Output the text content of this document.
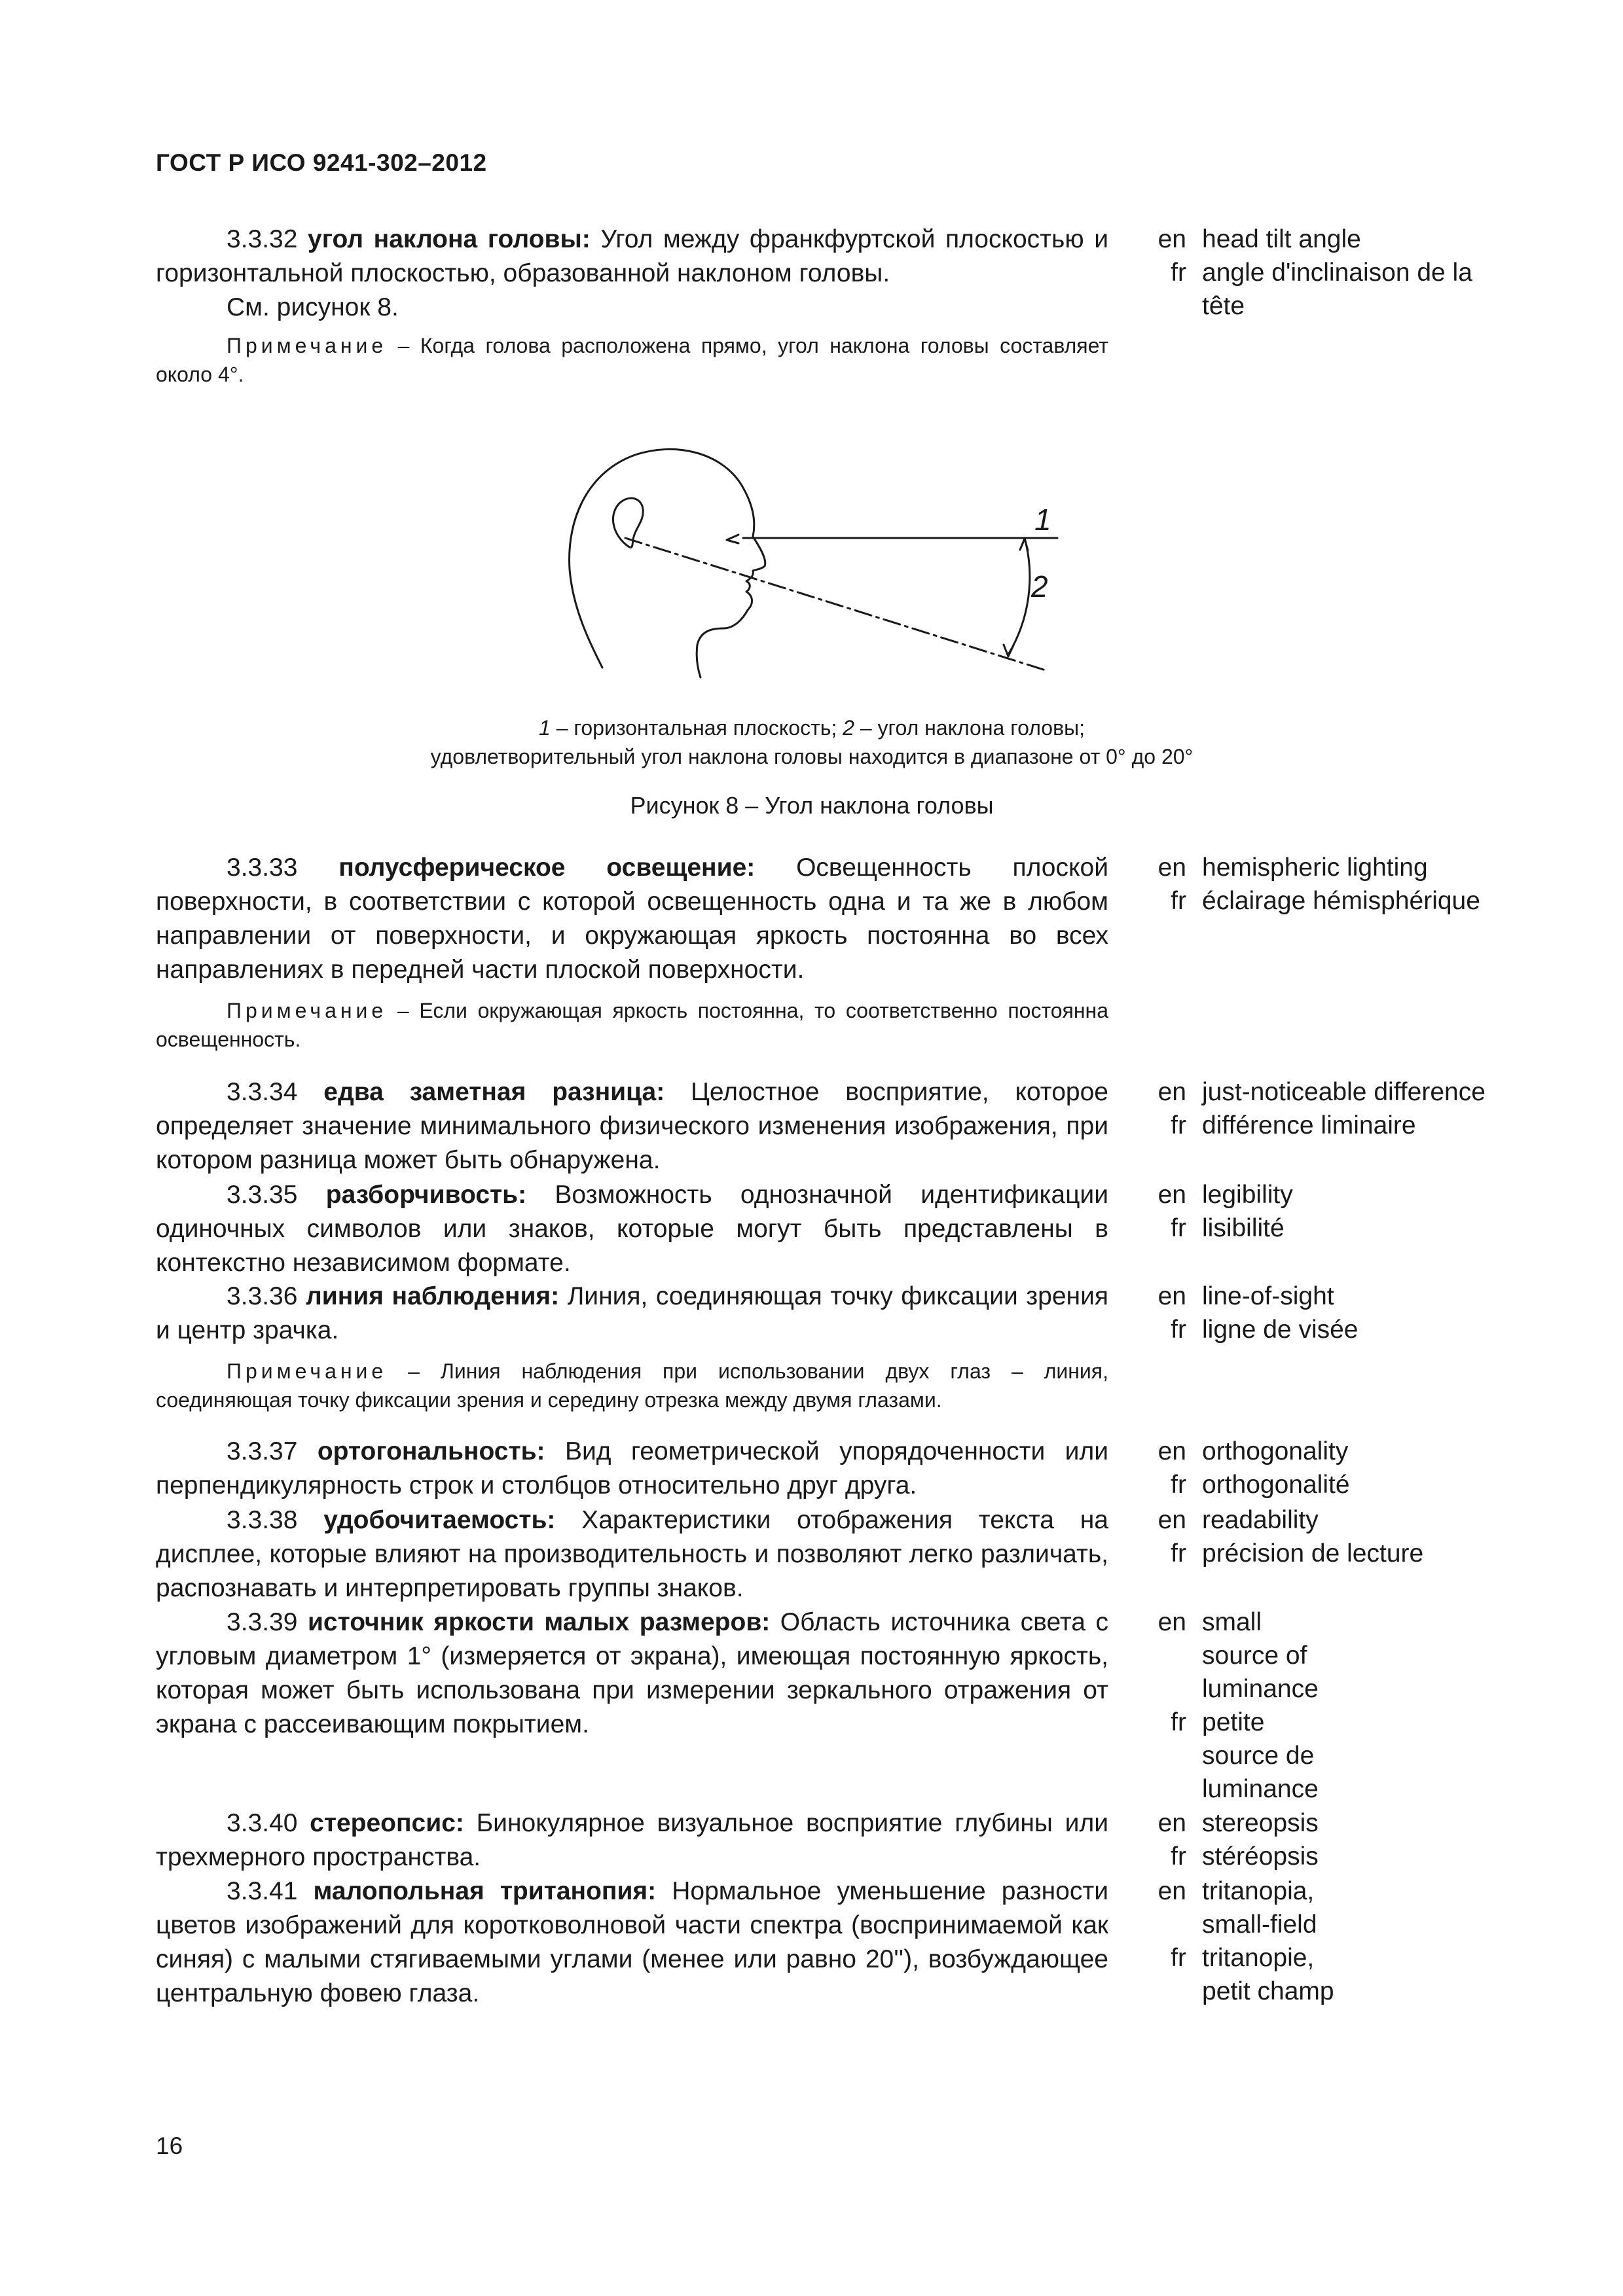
ГОСТ Р ИСО 9241-302–2012

3.3.32 угол наклона головы: Угол между франкфуртской плоскостью и горизонтальной плоскостью, образованной наклоном головы.

См. рисунок 8.

Примечание – Когда голова расположена прямо, угол наклона головы составляет около 4°.

en head tilt angle
fr angle d'inclinaison de la tête
1
2
1 – горизонтальная плоскость; 2 – угол наклона головы;
удовлетворительный угол наклона головы находится в диапазоне от 0° до 20°
Рисунок 8 – Угол наклона головы

3.3.33 полусферическое освещение: Освещенность плоской поверхности, в соответствии с которой освещенность одна и та же в любом направлении от поверхности, и окружающая яркость постоянна во всех направлениях в передней части плоской поверхности.

Примечание – Если окружающая яркость постоянна, то соответственно постоянна освещенность.

en hemispheric lighting
fr éclairage hémisphérique

3.3.34 едва заметная разница: Целостное восприятие, которое определяет значение минимального физического изменения изображения, при котором разница может быть обнаружена.

en just-noticeable difference
fr différence liminaire

3.3.35 разборчивость: Возможность однозначной идентификации одиночных символов или знаков, которые могут быть представлены в контекстно независимом формате.

en legibility
fr lisibilité

3.3.36 линия наблюдения: Линия, соединяющая точку фиксации зрения и центр зрачка.

Примечание – Линия наблюдения при использовании двух глаз – линия, соединяющая точку фиксации зрения и середину отрезка между двумя глазами.

en line-of-sight
fr ligne de visée

3.3.37 ортогональность: Вид геометрической упорядоченности или перпендикулярность строк и столбцов относительно друг друга.

en orthogonality
fr orthogonalité

3.3.38 удобочитаемость: Характеристики отображения текста на дисплее, которые влияют на производительность и позволяют легко различать, распознавать и интерпретировать группы знаков.

en readability
fr précision de lecture

3.3.39 источник яркости малых размеров: Область источника света с угловым диаметром 1° (измеряется от экрана), имеющая постоянную яркость, которая может быть использована при измерении зеркального отражения от экрана с рассеивающим покрытием.

en small source of luminance
fr petite source de luminance

3.3.40 стереопсис: Бинокулярное визуальное восприятие глубины или трехмерного пространства.

en stereopsis
fr stéréopsis

3.3.41 малопольная тританопия: Нормальное уменьшение разности цветов изображений для коротковолновой части спектра (воспринимаемой как синяя) с малыми стягиваемыми углами (менее или равно 20''), возбуждающее центральную фовею глаза.

en tritanopia, small-field
fr tritanopie, petit champ
16
